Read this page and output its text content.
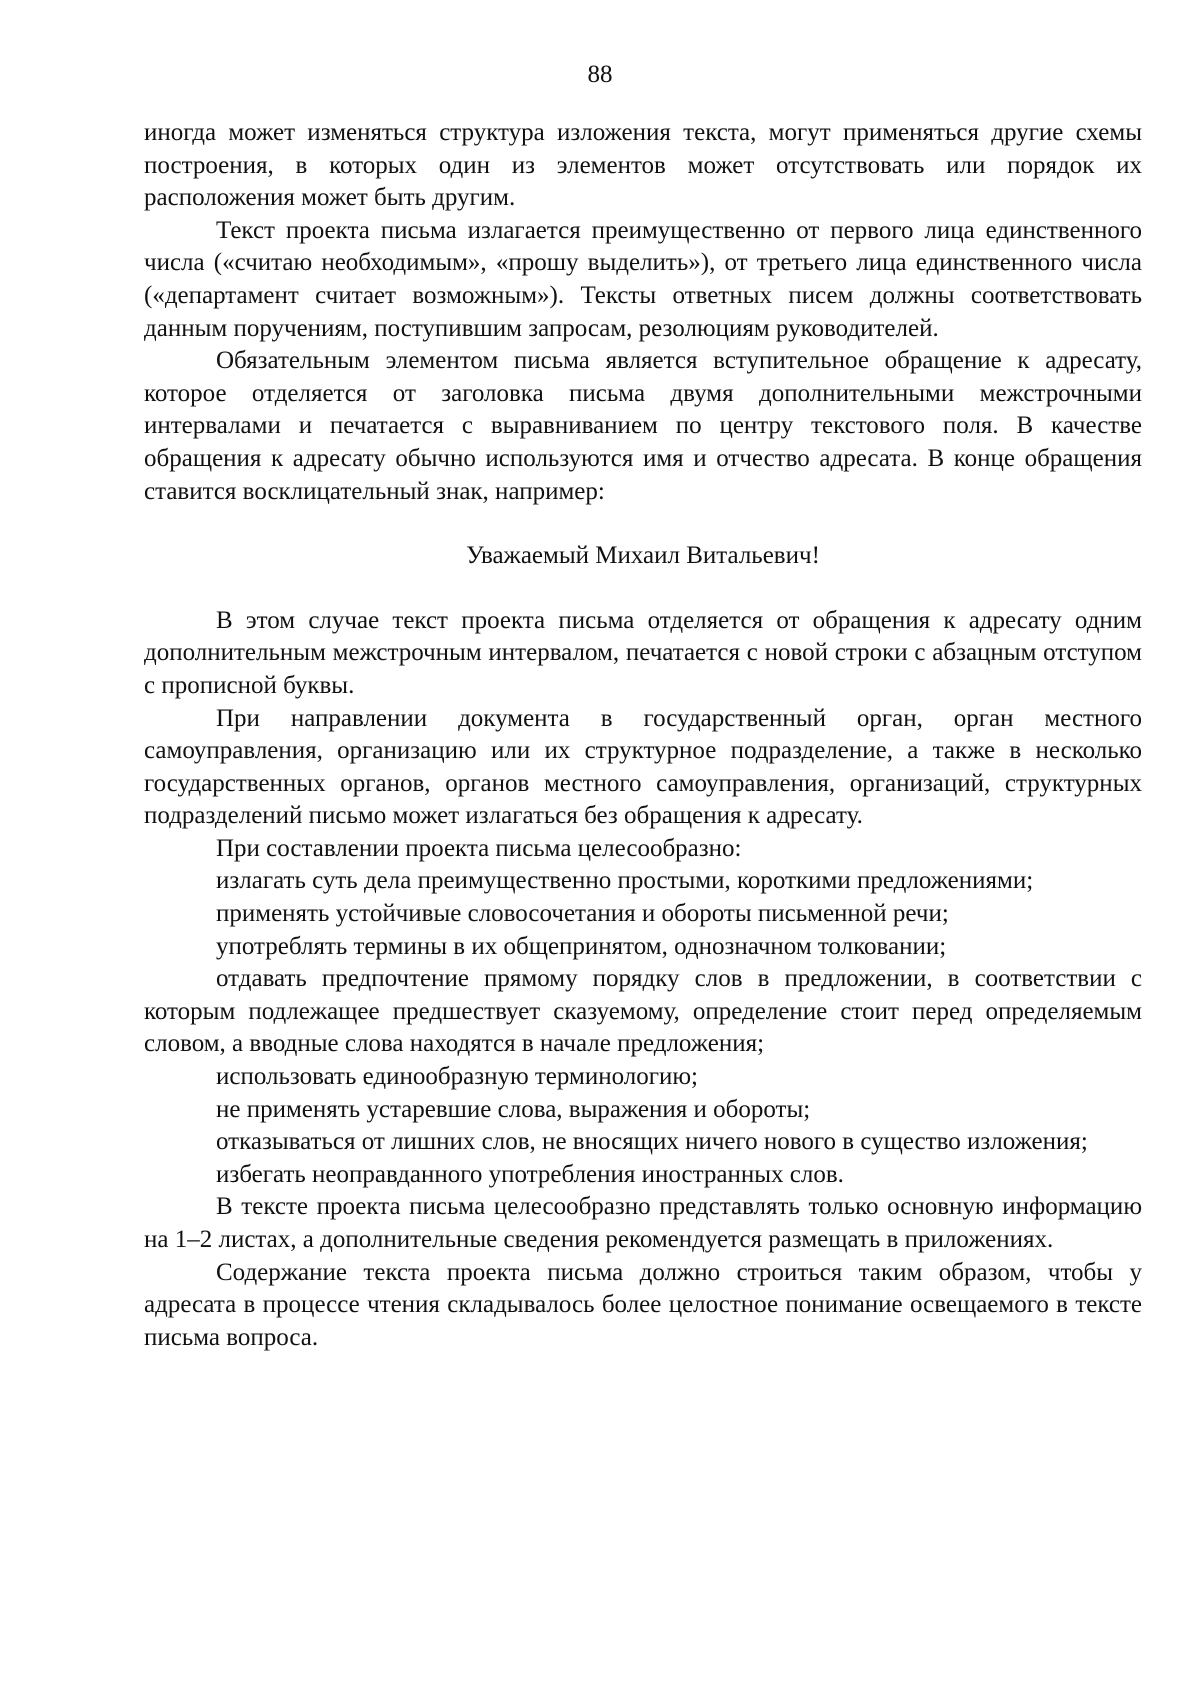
88

иногда может изменяться структура изложения текста, могут применяться другие схемы построения, в которых один из элементов может отсутствовать или порядок их расположения может быть другим.

Текст проекта письма излагается преимущественно от первого лица единственного числа («считаю необходимым», «прошу выделить»), от третьего лица единственного числа («департамент считает возможным»). Тексты ответных писем должны соответствовать данным поручениям, поступившим запросам, резолюциям руководителей.

Обязательным элементом письма является вступительное обращение к адресату, которое отделяется от заголовка письма двумя дополнительными межстрочными интервалами и печатается с выравниванием по центру текстового поля. В качестве обращения к адресату обычно используются имя и отчество адресата. В конце обращения ставится восклицательный знак, например:

Уважаемый Михаил Витальевич!

В этом случае текст проекта письма отделяется от обращения к адресату одним дополнительным межстрочным интервалом, печатается с новой строки с абзацным отступом с прописной буквы.

При направлении документа в государственный орган, орган местного самоуправления, организацию или их структурное подразделение, а также в несколько государственных органов, органов местного самоуправления, организаций, структурных подразделений письмо может излагаться без обращения к адресату.

При составлении проекта письма целесообразно:

излагать суть дела преимущественно простыми, короткими предложениями;

применять устойчивые словосочетания и обороты письменной речи;

употреблять термины в их общепринятом, однозначном толковании;

отдавать предпочтение прямому порядку слов в предложении, в соответствии с которым подлежащее предшествует сказуемому, определение стоит перед определяемым словом, а вводные слова находятся в начале предложения;

использовать единообразную терминологию;

не применять устаревшие слова, выражения и обороты;

отказываться от лишних слов, не вносящих ничего нового в существо изложения;

избегать неоправданного употребления иностранных слов.

В тексте проекта письма целесообразно представлять только основную информацию на 1–2 листах, а дополнительные сведения рекомендуется размещать в приложениях.

Содержание текста проекта письма должно строиться таким образом, чтобы у адресата в процессе чтения складывалось более целостное понимание освещаемого в тексте письма вопроса.
